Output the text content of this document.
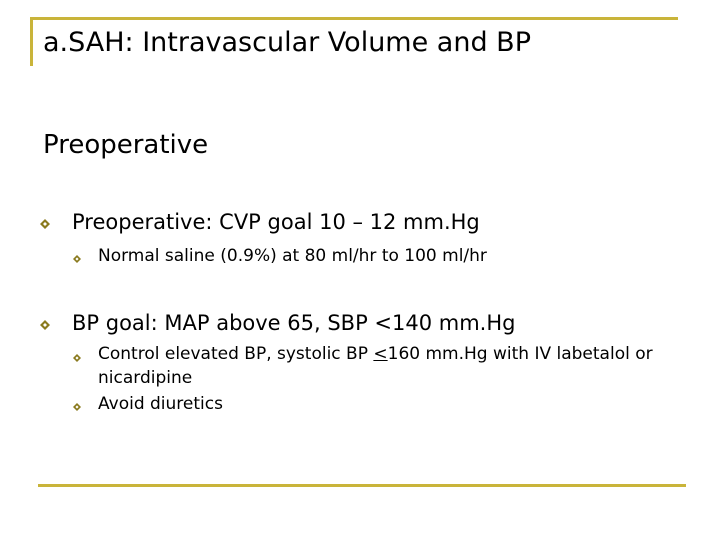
a.SAH: Intravascular Volume and BP
Preoperative
Preoperative: CVP goal 10 – 12 mm.Hg
Normal saline (0.9%) at 80 ml/hr to 100 ml/hr
BP goal: MAP above 65, SBP <140 mm.Hg
Control elevated BP, systolic BP <160 mm.Hg with IV labetalol or nicardipine
Avoid diuretics
